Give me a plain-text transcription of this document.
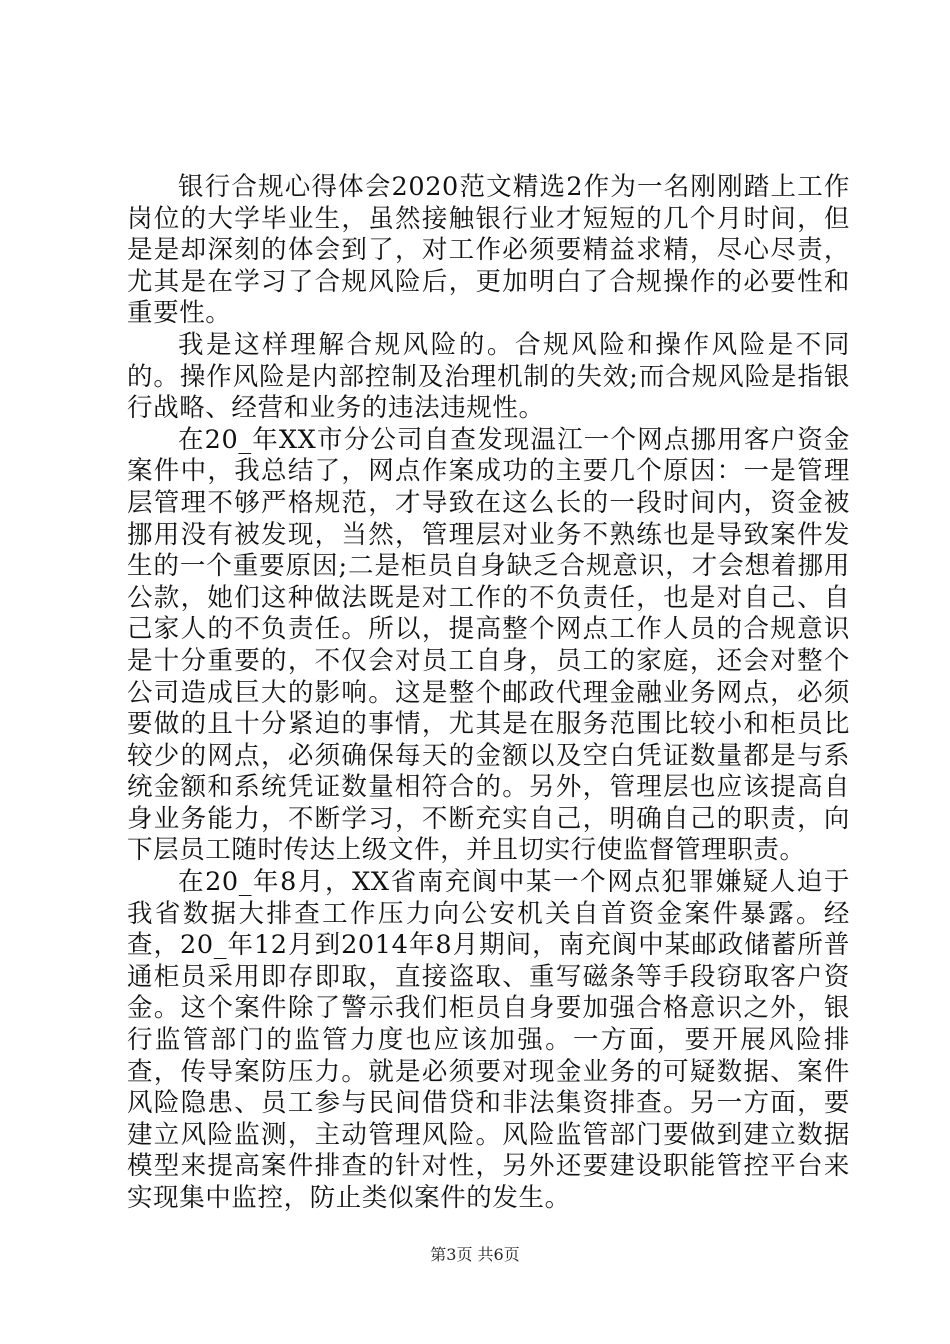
银行合规心得体会2020范文精选2作为一名刚刚踏上工作岗位的大学毕业生，虽然接触银行业才短短的几个月时间，但是是却深刻的体会到了，对工作必须要精益求精，尽心尽责，尤其是在学习了合规风险后，更加明白了合规操作的必要性和重要性。

我是这样理解合规风险的。合规风险和操作风险是不同的。操作风险是内部控制及治理机制的失效;而合规风险是指银行战略、经营和业务的违法违规性。

在20_年XX市分公司自查发现温江一个网点挪用客户资金案件中，我总结了，网点作案成功的主要几个原因：一是管理层管理不够严格规范，才导致在这么长的一段时间内，资金被挪用没有被发现，当然，管理层对业务不熟练也是导致案件发生的一个重要原因;二是柜员自身缺乏合规意识，才会想着挪用公款，她们这种做法既是对工作的不负责任，也是对自己、自己家人的不负责任。所以，提高整个网点工作人员的合规意识是十分重要的，不仅会对员工自身，员工的家庭，还会对整个公司造成巨大的影响。这是整个邮政代理金融业务网点，必须要做的且十分紧迫的事情，尤其是在服务范围比较小和柜员比较少的网点，必须确保每天的金额以及空白凭证数量都是与系统金额和系统凭证数量相符合的。另外，管理层也应该提高自身业务能力，不断学习，不断充实自己，明确自己的职责，向下层员工随时传达上级文件，并且切实行使监督管理职责。

在20_年8月，XX省南充阆中某一个网点犯罪嫌疑人迫于我省数据大排查工作压力向公安机关自首资金案件暴露。经查，20_年12月到2014年8月期间，南充阆中某邮政储蓄所普通柜员采用即存即取，直接盗取、重写磁条等手段窃取客户资金。这个案件除了警示我们柜员自身要加强合格意识之外，银行监管部门的监管力度也应该加强。一方面，要开展风险排查，传导案防压力。就是必须要对现金业务的可疑数据、案件风险隐患、员工参与民间借贷和非法集资排查。另一方面，要建立风险监测，主动管理风险。风险监管部门要做到建立数据模型来提高案件排查的针对性，另外还要建设职能管控平台来实现集中监控，防止类似案件的发生。

第3页 共6页
